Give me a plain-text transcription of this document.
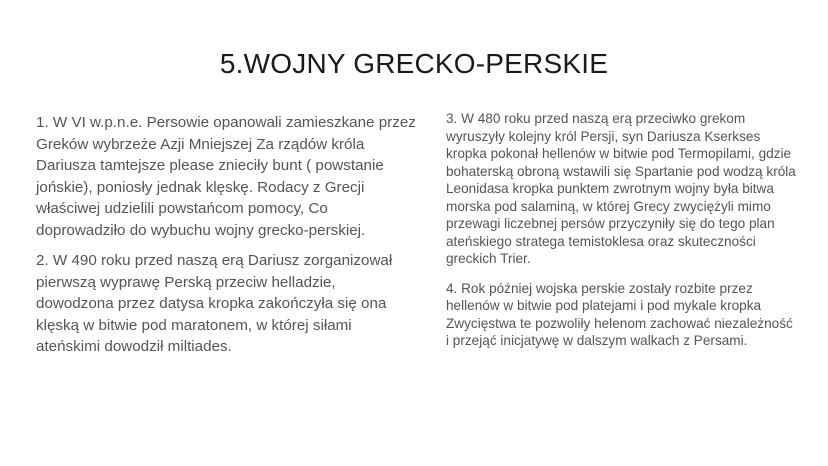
5.WOJNY GRECKO-PERSKIE

1. W VI w.p.n.e. Persowie opanowali zamieszkane przez Greków wybrzeże Azji Mniejszej Za rządów króla Dariusza tamtejsze please znieciły bunt ( powstanie jońskie), poniosły jednak klęskę. Rodacy z Grecji właściwej udzielili powstańcom pomocy, Co doprowadziło do wybuchu wojny grecko-perskiej.

2. W 490 roku przed naszą erą Dariusz zorganizował pierwszą wyprawę Perską przeciw helladzie, dowodzona przez datysa kropka zakończyła się ona klęską w bitwie pod maratonem, w której siłami ateńskimi dowodził miltiades.

3. W 480 roku przed naszą erą przeciwko grekom wyruszyły kolejny król Persji, syn Dariusza Kserkses kropka pokonał hellenów w bitwie pod Termopilami, gdzie bohaterską obroną wstawili się Spartanie pod wodzą króla Leonidasa kropka punktem zwrotnym wojny była bitwa morska pod salaminą, w której Grecy zwyciężyli mimo przewagi liczebnej persów przyczyniły się do tego plan ateńskiego stratega temistoklesa oraz skuteczności greckich Trier.

4. Rok później wojska perskie zostały rozbite przez hellenów w bitwie pod platejami i pod mykale kropka Zwycięstwa te pozwoliły helenom zachować niezależność i przejąć inicjatywę w dalszym walkach z Persami.
